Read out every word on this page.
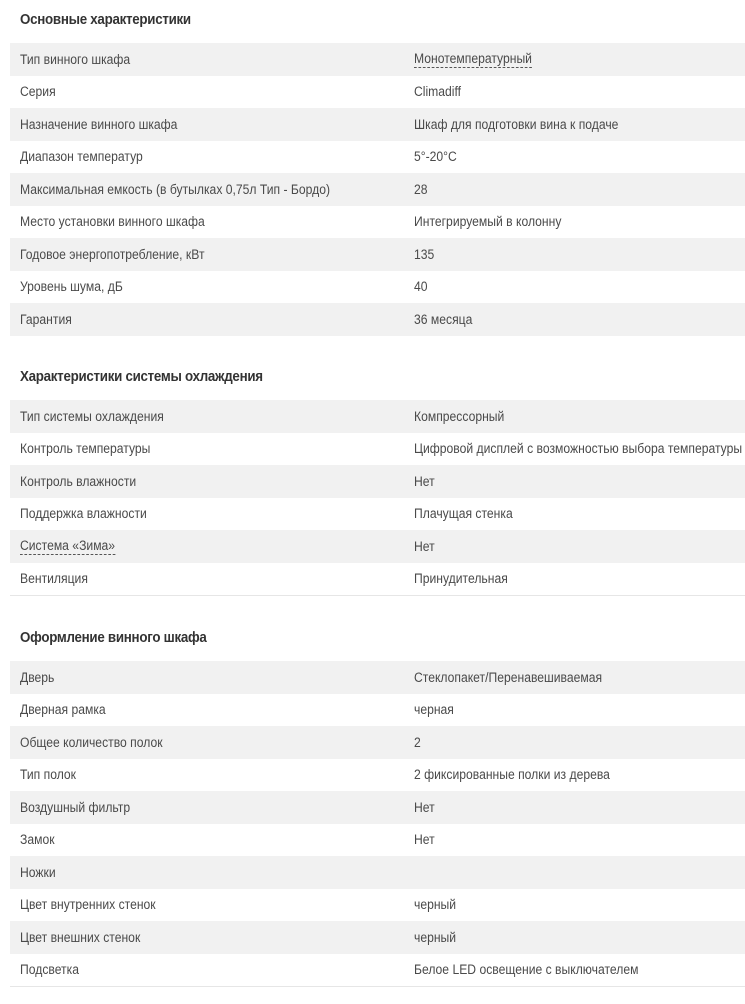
Основные характеристики
Тип винного шкафа	Монотемпературный
Серия	Climadiff
Назначение винного шкафа	Шкаф для подготовки вина к подаче
Диапазон температур	5°-20°C
Максимальная емкость (в бутылках 0,75л Тип - Бордо)	28
Место установки винного шкафа	Интегрируемый в колонну
Годовое энергопотребление, кВт	135
Уровень шума, дБ	40
Гарантия	36 месяца
Характеристики системы охлаждения
Тип системы охлаждения	Компрессорный
Контроль температуры	Цифровой дисплей с возможностью выбора температуры
Контроль влажности	Нет
Поддержка влажности	Плачущая стенка
Система «Зима»	Нет
Вентиляция	Принудительная
Оформление винного шкафа
Дверь	Стеклопакет/Перенавешиваемая
Дверная рамка	черная
Общее количество полок	2
Тип полок	2 фиксированные полки из дерева
Воздушный фильтр	Нет
Замок	Нет
Ножки
Цвет внутренних стенок	черный
Цвет внешних стенок	черный
Подсветка	Белое LED освещение с выключателем
